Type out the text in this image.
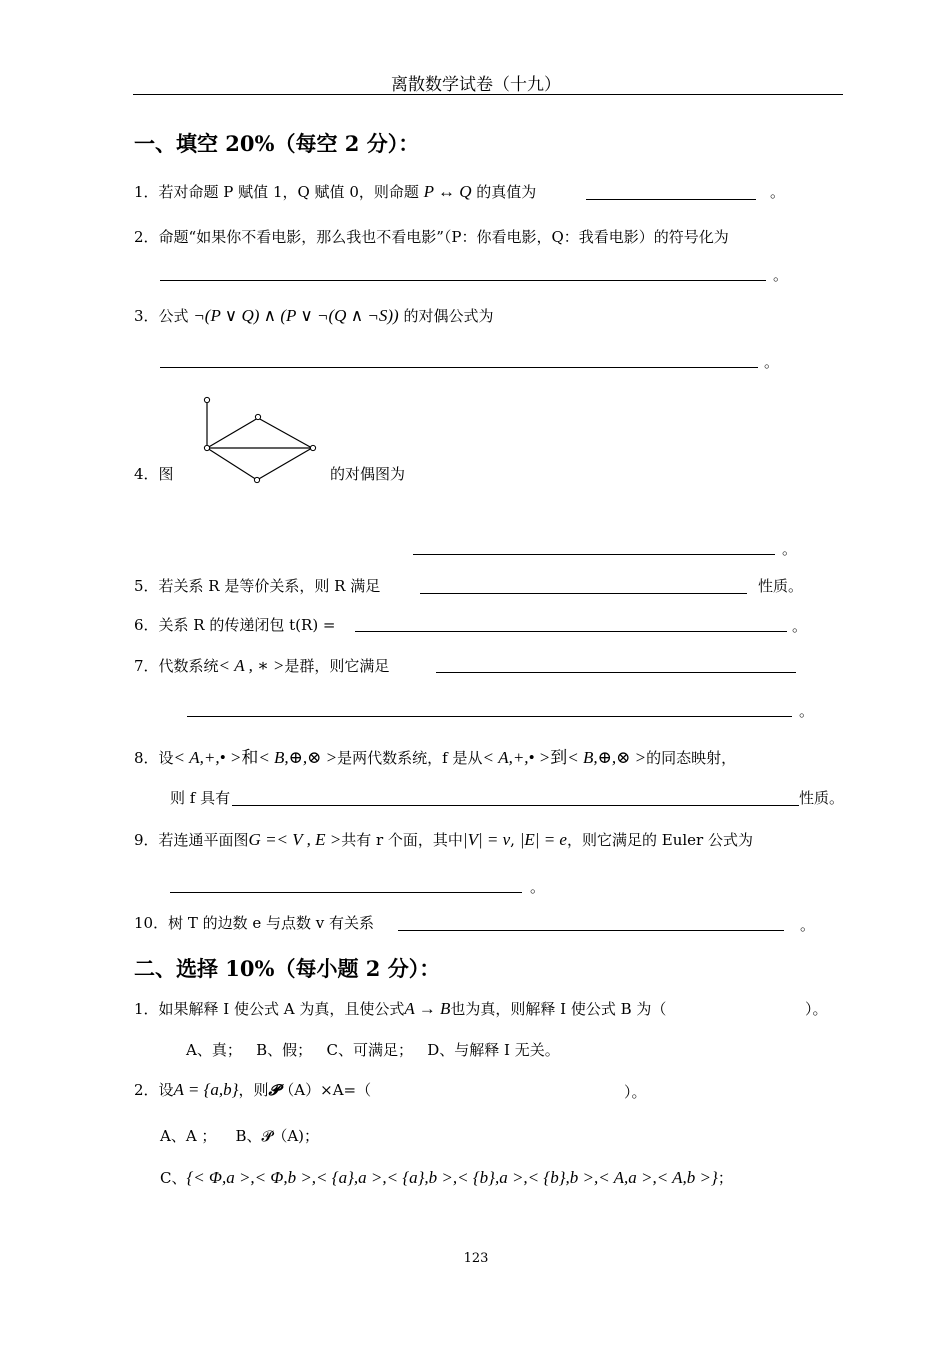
离散数学试卷（十九）
一、填空 20%（每空 2 分）：
1．若对命题 P 赋值 1，Q 赋值 0，则命题 P ↔ Q 的真值为	。
2．命题“如果你不看电影，那么我也不看电影”（P：你看电影，Q：我看电影）的符号化为
。
3．公式 ¬(P ∨ Q) ∧ (P ∨ ¬(Q ∧ ¬S)) 的对偶公式为
。
4．图	的对偶图为
。
5．若关系 R 是等价关系，则 R 满足	性质。
6．关系 R 的传递闭包 t(R) =	。
7．代数系统< A , ∗ >是群，则它满足
。
8．设< A,+,• >和< B,⊕,⊗ >是两代数系统，f 是从< A,+,• >到< B,⊕,⊗ >的同态映射，
则 f 具有	性质。
9．若连通平面图G =< V , E >共有 r 个面，其中|V| = v, |E| = e，则它满足的 Euler 公式为
。
10．树 T 的边数 e 与点数 v 有关系	。
二、选择 10%（每小题 2 分）：
1．如果解释 I 使公式 A 为真，且使公式A → B也为真，则解释 I 使公式 B 为（	）。
A、真；   B、假；   C、可满足；   D、与解释 I 无关。
2．设A = {a,b}，则𝓟（A）×A=（	）。
A、A ；    B、𝓟（A)；
C、{< Φ,a >,< Φ,b >,< {a},a >,< {a},b >,< {b},a >,< {b},b >,< A,a >,< A,b >}；
123
